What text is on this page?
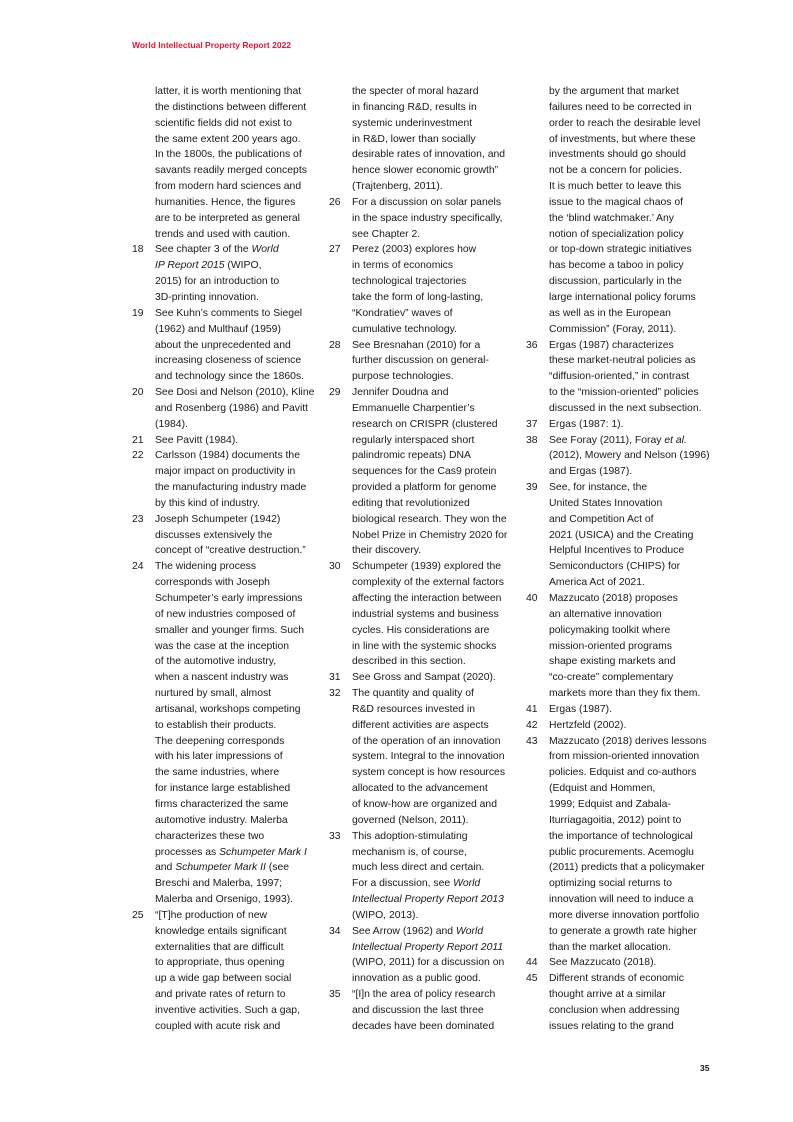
World Intellectual Property Report 2022
latter, it is worth mentioning that
the distinctions between different
scientific fields did not exist to
the same extent 200 years ago.
In the 1800s, the publications of
savants readily merged concepts
from modern hard sciences and
humanities. Hence, the figures
are to be interpreted as general
trends and used with caution.
18 See chapter 3 of the World
IP Report 2015 (WIPO,
2015) for an introduction to
3D-printing innovation.
19 See Kuhn’s comments to Siegel
(1962) and Multhauf (1959)
about the unprecedented and
increasing closeness of science
and technology since the 1860s.
20 See Dosi and Nelson (2010), Kline
and Rosenberg (1986) and Pavitt
(1984).
21 See Pavitt (1984).
22 Carlsson (1984) documents the
major impact on productivity in
the manufacturing industry made
by this kind of industry.
23 Joseph Schumpeter (1942)
discusses extensively the
concept of “creative destruction.”
24 The widening process
corresponds with Joseph
Schumpeter’s early impressions
of new industries composed of
smaller and younger firms. Such
was the case at the inception
of the automotive industry,
when a nascent industry was
nurtured by small, almost
artisanal, workshops competing
to establish their products.
The deepening corresponds
with his later impressions of
the same industries, where
for instance large established
firms characterized the same
automotive industry. Malerba
characterizes these two
processes as Schumpeter Mark I
and Schumpeter Mark II (see
Breschi and Malerba, 1997;
Malerba and Orsenigo, 1993).
25 “[T]he production of new
knowledge entails significant
externalities that are difficult
to appropriate, thus opening
up a wide gap between social
and private rates of return to
inventive activities. Such a gap,
coupled with acute risk and
the specter of moral hazard
in financing R&D, results in
systemic underinvestment
in R&D, lower than socially
desirable rates of innovation, and
hence slower economic growth”
(Trajtenberg, 2011).
26 For a discussion on solar panels
in the space industry specifically,
see Chapter 2.
27 Perez (2003) explores how
in terms of economics
technological trajectories
take the form of long-lasting,
“Kondratiev” waves of
cumulative technology.
28 See Bresnahan (2010) for a
further discussion on general-
purpose technologies.
29 Jennifer Doudna and
Emmanuelle Charpentier’s
research on CRISPR (clustered
regularly interspaced short
palindromic repeats) DNA
sequences for the Cas9 protein
provided a platform for genome
editing that revolutionized
biological research. They won the
Nobel Prize in Chemistry 2020 for
their discovery.
30 Schumpeter (1939) explored the
complexity of the external factors
affecting the interaction between
industrial systems and business
cycles. His considerations are
in line with the systemic shocks
described in this section.
31 See Gross and Sampat (2020).
32 The quantity and quality of
R&D resources invested in
different activities are aspects
of the operation of an innovation
system. Integral to the innovation
system concept is how resources
allocated to the advancement
of know-how are organized and
governed (Nelson, 2011).
33 This adoption-stimulating
mechanism is, of course,
much less direct and certain.
For a discussion, see World
Intellectual Property Report 2013
(WIPO, 2013).
34 See Arrow (1962) and World
Intellectual Property Report 2011
(WIPO, 2011) for a discussion on
innovation as a public good.
35 “[I]n the area of policy research
and discussion the last three
decades have been dominated
by the argument that market
failures need to be corrected in
order to reach the desirable level
of investments, but where these
investments should go should
not be a concern for policies.
It is much better to leave this
issue to the magical chaos of
the ‘blind watchmaker.’ Any
notion of specialization policy
or top-down strategic initiatives
has become a taboo in policy
discussion, particularly in the
large international policy forums
as well as in the European
Commission” (Foray, 2011).
36 Ergas (1987) characterizes
these market-neutral policies as
“diffusion-oriented,” in contrast
to the “mission-oriented” policies
discussed in the next subsection.
37 Ergas (1987: 1).
38 See Foray (2011), Foray et al.
(2012), Mowery and Nelson (1996)
and Ergas (1987).
39 See, for instance, the
United States Innovation
and Competition Act of
2021 (USICA) and the Creating
Helpful Incentives to Produce
Semiconductors (CHIPS) for
America Act of 2021.
40 Mazzucato (2018) proposes
an alternative innovation
policymaking toolkit where
mission-oriented programs
shape existing markets and
“co-create” complementary
markets more than they fix them.
41 Ergas (1987).
42 Hertzfeld (2002).
43 Mazzucato (2018) derives lessons
from mission-oriented innovation
policies. Edquist and co-authors
(Edquist and Hommen,
1999; Edquist and Zabala-
Iturriagagoitia, 2012) point to
the importance of technological
public procurements. Acemoglu
(2011) predicts that a policymaker
optimizing social returns to
innovation will need to induce a
more diverse innovation portfolio
to generate a growth rate higher
than the market allocation.
44 See Mazzucato (2018).
45 Different strands of economic
thought arrive at a similar
conclusion when addressing
issues relating to the grand
35
